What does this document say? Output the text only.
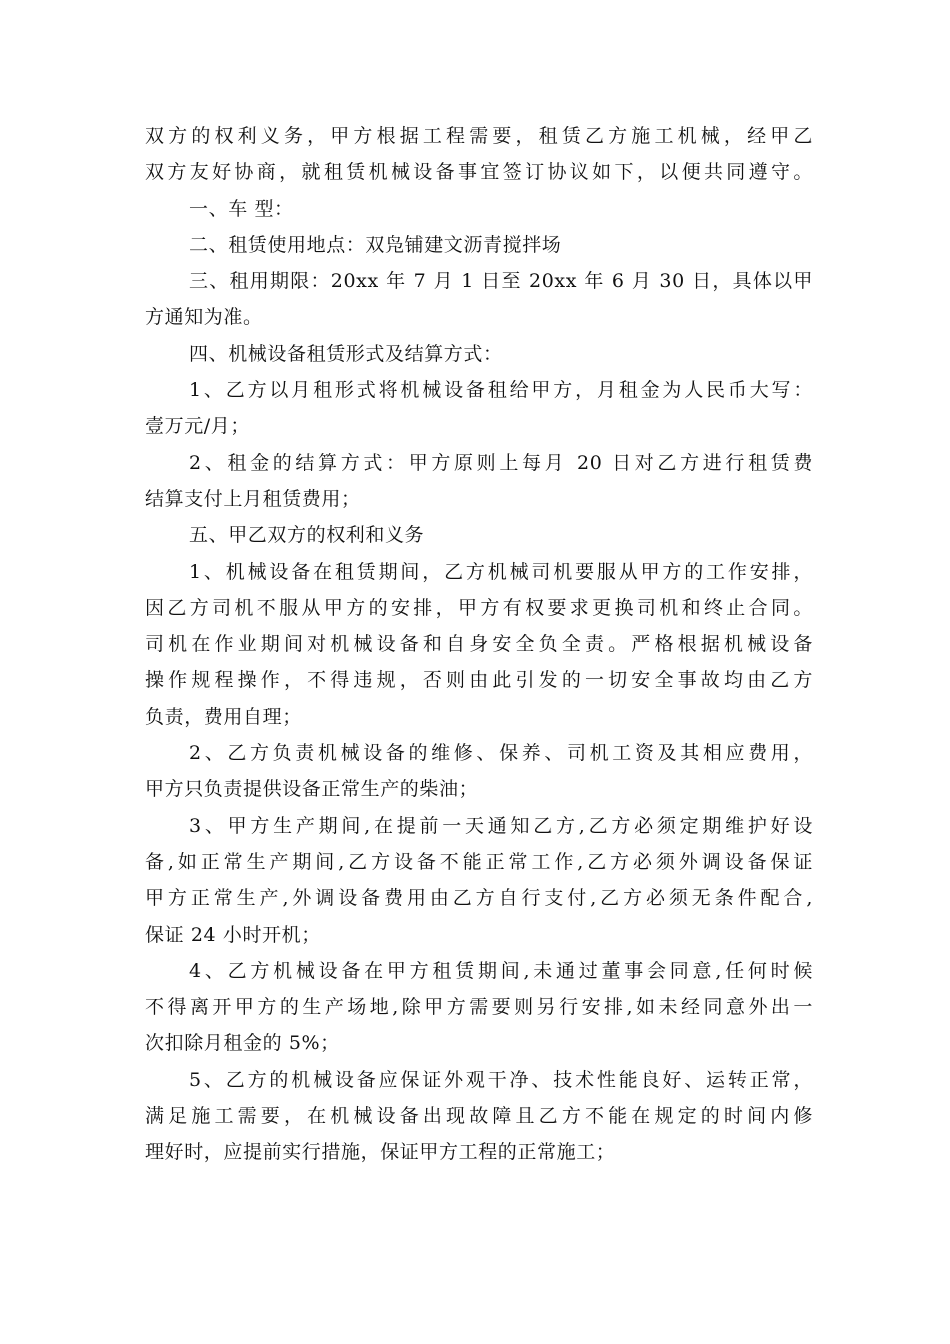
双方的权利义务，甲方根据工程需要，租赁乙方施工机械，经甲乙
双方友好协商，就租赁机械设备事宜签订协议如下，以便共同遵守。
一、车 型：
二、租赁使用地点：双凫铺建文沥青搅拌场
三、租用期限：20xx 年 7 月 1 日至 20xx 年 6 月 30 日，具体以甲
方通知为准。
四、机械设备租赁形式及结算方式：
1、乙方以月租形式将机械设备租给甲方，月租金为人民币大写：
壹万元/月；
2、租金的结算方式：甲方原则上每月 20 日对乙方进行租赁费
结算支付上月租赁费用；
五、甲乙双方的权利和义务
1、机械设备在租赁期间，乙方机械司机要服从甲方的工作安排，
因乙方司机不服从甲方的安排，甲方有权要求更换司机和终止合同。
司机在作业期间对机械设备和自身安全负全责。严格根据机械设备
操作规程操作，不得违规，否则由此引发的一切安全事故均由乙方
负责，费用自理；
2、乙方负责机械设备的维修、保养、司机工资及其相应费用，
甲方只负责提供设备正常生产的柴油；
3、甲方生产期间,在提前一天通知乙方,乙方必须定期维护好设
备,如正常生产期间,乙方设备不能正常工作,乙方必须外调设备保证
甲方正常生产,外调设备费用由乙方自行支付,乙方必须无条件配合,
保证 24 小时开机；
4、乙方机械设备在甲方租赁期间,未通过董事会同意,任何时候
不得离开甲方的生产场地,除甲方需要则另行安排,如未经同意外出一
次扣除月租金的 5%；
5、乙方的机械设备应保证外观干净、技术性能良好、运转正常，
满足施工需要，在机械设备出现故障且乙方不能在规定的时间内修
理好时，应提前实行措施，保证甲方工程的正常施工；
